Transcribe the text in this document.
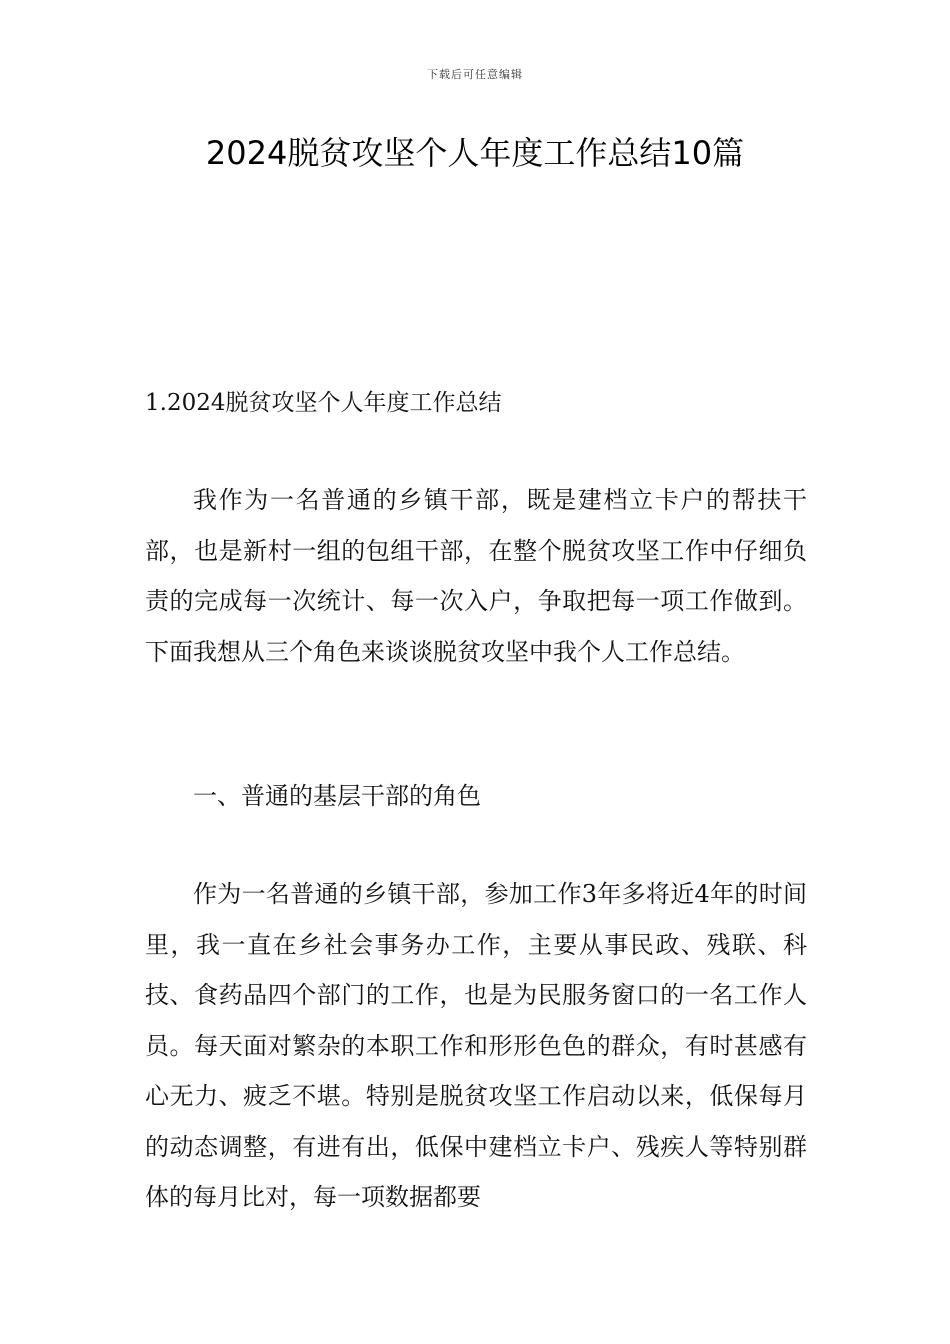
下载后可任意编辑
2024脱贫攻坚个人年度工作总结10篇
1.2024脱贫攻坚个人年度工作总结

我作为一名普通的乡镇干部，既是建档立卡户的帮扶干部，也是新村一组的包组干部，在整个脱贫攻坚工作中仔细负责的完成每一次统计、每一次入户，争取把每一项工作做到。下面我想从三个角色来谈谈脱贫攻坚中我个人工作总结。

一、普通的基层干部的角色

作为一名普通的乡镇干部，参加工作3年多将近4年的时间里，我一直在乡社会事务办工作，主要从事民政、残联、科技、食药品四个部门的工作，也是为民服务窗口的一名工作人员。每天面对繁杂的本职工作和形形色色的群众，有时甚感有心无力、疲乏不堪。特别是脱贫攻坚工作启动以来，低保每月的动态调整，有进有出，低保中建档立卡户、残疾人等特别群体的每月比对，每一项数据都要
